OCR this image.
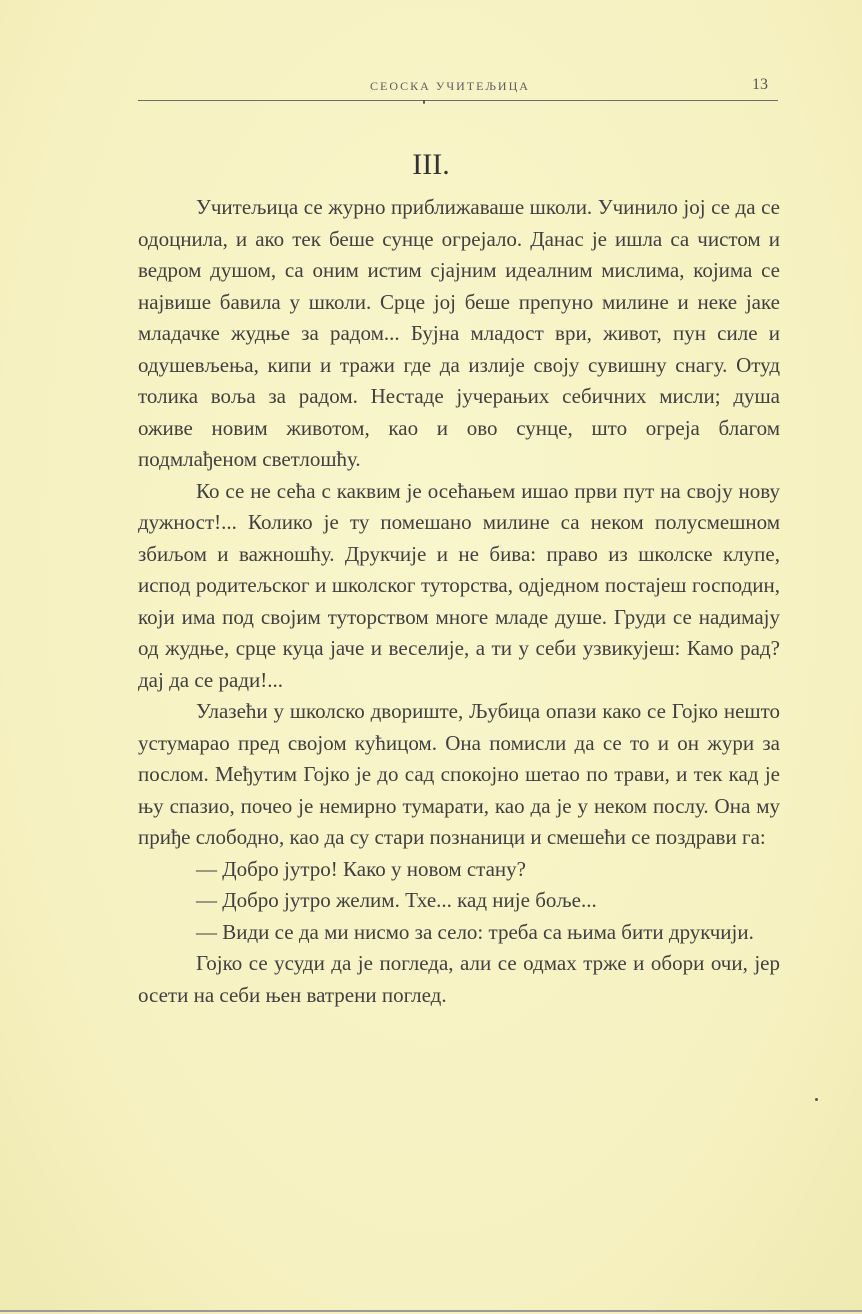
СЕОСКА УЧИТЕЉИЦА	13
III.

Учитељица се журно приближаваше школи. Учинило јој се да се одоцнила, и ако тек беше сунце огрејало. Данас је ишла са чистом и ведром душом, са оним истим сјајним идеалним мислима, којима се највише бавила у школи. Срце јој беше препуно милине и неке јаке младачке жудње за радом... Бујна младост ври, живот, пун силе и одушевљења, кипи и тражи где да излије своју сувишну снагу. Отуд толика воља за радом. Нестаде јучерањих себичних мисли; душа оживе новим животом, као и ово сунце, што огреја благом подмлађеном светлошћу.

Ко се не сећа с каквим је осећањем ишао први пут на своју нову дужност!... Колико је ту помешано милине са неком полусмешном збиљом и важношћу. Друкчије и не бива: право из школске клупе, испод родитељског и школског туторства, одједном постајеш господин, који има под својим туторством многе младе душе. Груди се надимају од жудње, срце куца јаче и веселије, а ти у себи узвикујеш: Камо рад? дај да се ради!...

Улазећи у школско двориште, Љубица опази како се Гојко нешто устумарао пред својом кућицом. Она помисли да се то и он жури за послом. Међутим Гојко је до сад спокојно шетао по трави, и тек кад је њу спазио, почео је немирно тумарати, као да је у неком послу. Она му приђе слободно, као да су стари познаници и смешећи се поздрави га:

— Добро јутро! Како у новом стану?

— Добро јутро желим. Тхе... кад није боље...

— Види се да ми нисмо за село: треба са њима бити друкчији.

Гојко се усуди да је погледа, али се одмах трже и обори очи, јер осети на себи њен ватрени поглед.
